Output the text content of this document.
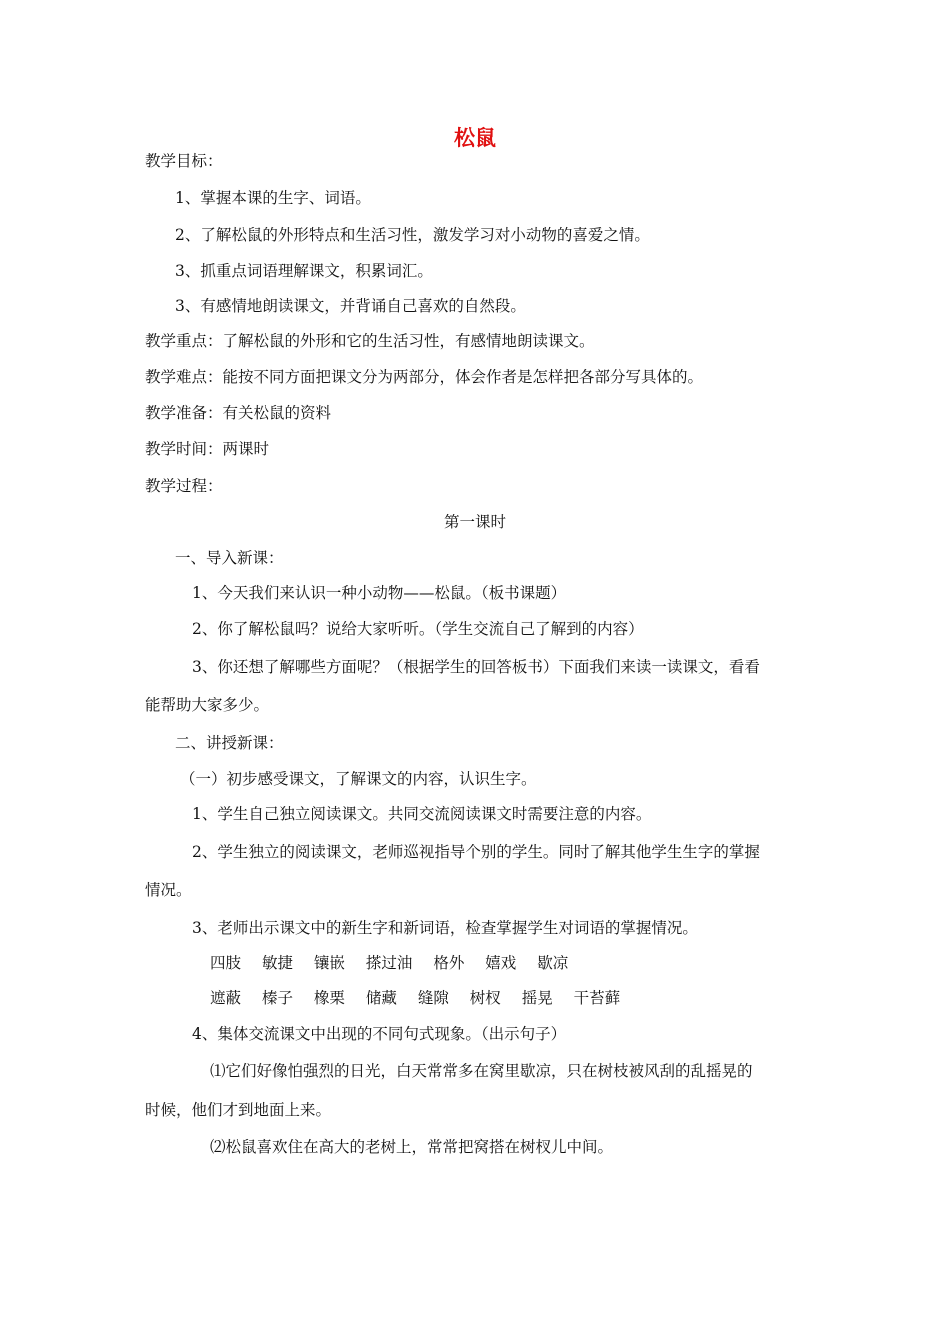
松鼠
教学目标：
1、掌握本课的生字、词语。
2、了解松鼠的外形特点和生活习性，激发学习对小动物的喜爱之情。
3、抓重点词语理解课文，积累词汇。
3、有感情地朗读课文，并背诵自己喜欢的自然段。
教学重点：了解松鼠的外形和它的生活习性，有感情地朗读课文。
教学难点：能按不同方面把课文分为两部分，体会作者是怎样把各部分写具体的。
教学准备：有关松鼠的资料
教学时间：两课时
教学过程：
第一课时
一、导入新课：
1、今天我们来认识一种小动物——松鼠。（板书课题）
2、你了解松鼠吗？说给大家听听。（学生交流自己了解到的内容）
3、你还想了解哪些方面呢？（根据学生的回答板书）下面我们来读一读课文，看看
能帮助大家多少。
二、讲授新课：
（一）初步感受课文，了解课文的内容，认识生字。
1、学生自己独立阅读课文。共同交流阅读课文时需要注意的内容。
2、学生独立的阅读课文，老师巡视指导个别的学生。同时了解其他学生生字的掌握
情况。
3、老师出示课文中的新生字和新词语，检查掌握学生对词语的掌握情况。
四肢 敏捷 镶嵌 搽过油 格外 嬉戏 歇凉
遮蔽 榛子 橡栗 储藏 缝隙 树杈 摇晃 干苔藓
4、集体交流课文中出现的不同句式现象。（出示句子）
⑴它们好像怕强烈的日光，白天常常多在窝里歇凉，只在树枝被风刮的乱摇晃的
时候，他们才到地面上来。
⑵松鼠喜欢住在高大的老树上，常常把窝搭在树杈儿中间。
